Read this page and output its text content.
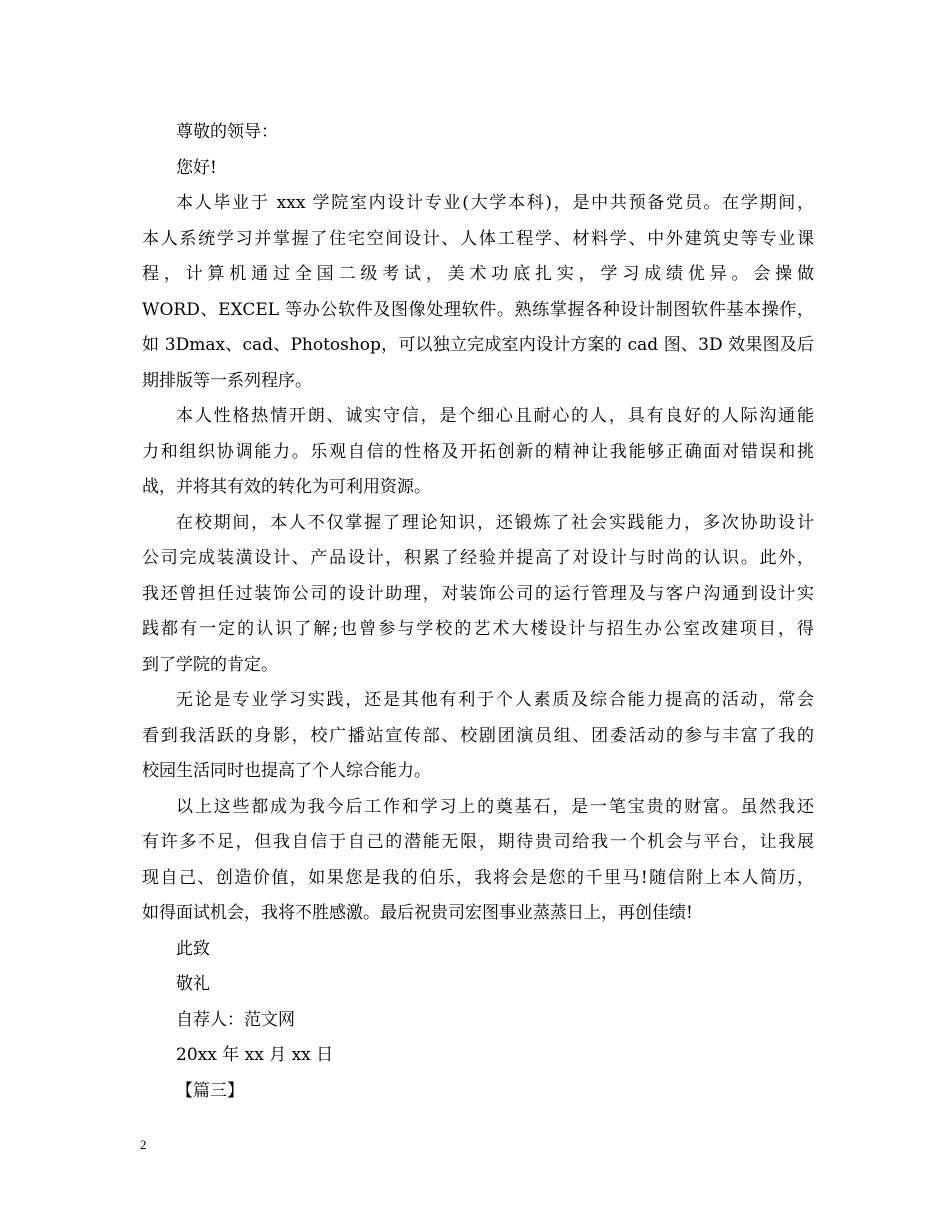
尊敬的领导：
您好!
本人毕业于 xxx 学院室内设计专业(大学本科)，是中共预备党员。在学期间，
本人系统学习并掌握了住宅空间设计、人体工程学、材料学、中外建筑史等专业课
程，计算机通过全国二级考试，美术功底扎实，学习成绩优异。会操做
WORD、EXCEL 等办公软件及图像处理软件。熟练掌握各种设计制图软件基本操作，
如 3Dmax、cad、Photoshop，可以独立完成室内设计方案的 cad 图、3D 效果图及后
期排版等一系列程序。
本人性格热情开朗、诚实守信，是个细心且耐心的人，具有良好的人际沟通能
力和组织协调能力。乐观自信的性格及开拓创新的精神让我能够正确面对错误和挑
战，并将其有效的转化为可利用资源。
在校期间，本人不仅掌握了理论知识，还锻炼了社会实践能力，多次协助设计
公司完成装潢设计、产品设计，积累了经验并提高了对设计与时尚的认识。此外，
我还曾担任过装饰公司的设计助理，对装饰公司的运行管理及与客户沟通到设计实
践都有一定的认识了解;也曾参与学校的艺术大楼设计与招生办公室改建项目，得
到了学院的肯定。
无论是专业学习实践，还是其他有利于个人素质及综合能力提高的活动，常会
看到我活跃的身影，校广播站宣传部、校剧团演员组、团委活动的参与丰富了我的
校园生活同时也提高了个人综合能力。
以上这些都成为我今后工作和学习上的奠基石，是一笔宝贵的财富。虽然我还
有许多不足，但我自信于自己的潜能无限，期待贵司给我一个机会与平台，让我展
现自己、创造价值，如果您是我的伯乐，我将会是您的千里马!随信附上本人简历，
如得面试机会，我将不胜感激。最后祝贵司宏图事业蒸蒸日上，再创佳绩!
此致
敬礼
自荐人：范文网
20xx 年 xx 月 xx 日
【篇三】
2
